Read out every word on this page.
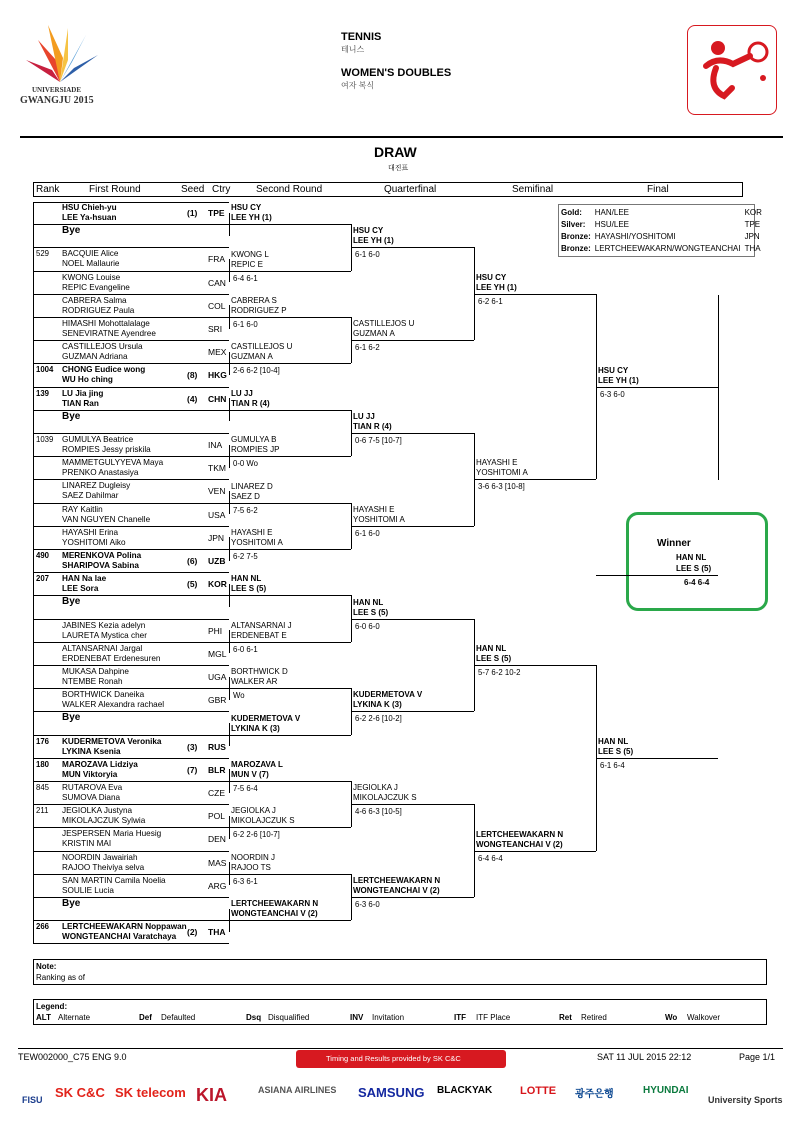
UNIVERSIADE
GWANGJU 2015
TENNIS
테니스
WOMEN'S DOUBLES
여자 복식
DRAW
대진표
Rank	First Round	Seed Ctry	Second Round	Quarterfinal	Semifinal	Final
Gold:	HAN/LEE	KOR
Silver:	HSU/LEE	TPE
Bronze:	HAYASHI/YOSHITOMI	JPN
Bronze:	LERTCHEEWAKARN/WONGTEANCHAI	THA
HSU Chieh-yu
LEE Ya-hsuan	(1) TPE
Bye
529 BACQUIE Alice
NOEL Mallaurie	FRA
KWONG Louise
REPIC Evangeline	CAN
CABRERA Salma
RODRIGUEZ Paula	COL
HIMASHI Mohottalalage
SENEVIRATNE Ayendree	SRI
CASTILLEJOS Ursula
GUZMAN Adriana	MEX
1004 CHONG Eudice wong
WU Ho ching	(8) HKG
139 LU Jia jing
TIAN Ran	(4) CHN
Bye
1039 GUMULYA Beatrice
ROMPIES Jessy priskila	INA
MAMMETGULYYEVA Maya
PRENKO Anastasiya	TKM
LINAREZ Dugleisy
SAEZ Dahilmar	VEN
RAY Kaitlin
VAN NGUYEN Chanelle	USA
HAYASHI Erina
YOSHITOMI Aiko	JPN
490 MERENKOVA Polina
SHARIPOVA Sabina	(6) UZB
207 HAN Na lae
LEE Sora	(5) KOR
Bye
JABINES Kezia adelyn
LAURETA Mystica cher	PHI
ALTANSARNAI Jargal
ERDENEBAT Erdenesuren	MGL
MUKASA Dahpine
NTEMBE Ronah	UGA
BORTHWICK Daneika
WALKER Alexandra rachael	GBR
Bye
176 KUDERMETOVA Veronika
LYKINA Ksenia	(3) RUS
180 MAROZAVA Lidziya
MUN Viktoryia	(7) BLR
845 RUTAROVA Eva
SUMOVA Diana	CZE
211 JEGIOLKA Justyna
MIKOLAJCZUK Sylwia	POL
JESPERSEN Maria Huesig
KRISTIN MAI	DEN
NOORDIN Jawairiah
RAJOO Theiviya selva	MAS
SAN MARTIN Camila Noelia
SOULIE Lucia	ARG
Bye
266 LERTCHEEWAKARN Noppawan
WONGTEANCHAI Varatchaya (2) THA
HSU CY
LEE YH (1)
KWONG L
REPIC E
6-4 6-1
CABRERA S
RODRIGUEZ P
6-1 6-0
CASTILLEJOS U
GUZMAN A
2-6 6-2 [10-4]
LU JJ
TIAN R (4)
GUMULYA B
ROMPIES JP
0-0 Wo
LINAREZ D
SAEZ D
7-5 6-2
HAYASHI E
YOSHITOMI A
6-2 7-5
HAN NL
LEE S (5)
ALTANSARNAI J
ERDENEBAT E
6-0 6-1
BORTHWICK D
WALKER AR
Wo
KUDERMETOVA V
LYKINA K (3)
MAROZAVA L
MUN V (7)
7-5 6-4
JEGIOLKA J
MIKOLAJCZUK S
6-2 2-6 [10-7]
NOORDIN J
RAJOO TS
6-3 6-1
LERTCHEEWAKARN N
WONGTEANCHAI V (2)
HSU CY
LEE YH (1)
6-1 6-0
CASTILLEJOS U
GUZMAN A
6-1 6-2
LU JJ
TIAN R (4)
0-6 7-5 [10-7]
HAYASHI E
YOSHITOMI A
6-1 6-0
HAN NL
LEE S (5)
6-0 6-0
KUDERMETOVA V
LYKINA K (3)
6-2 2-6 [10-2]
JEGIOLKA J
MIKOLAJCZUK S
4-6 6-3 [10-5]
LERTCHEEWAKARN N
WONGTEANCHAI V (2)
6-3 6-0
HSU CY
LEE YH (1)
6-2 6-1
HAYASHI E
YOSHITOMI A
3-6 6-3 [10-8]
HAN NL
LEE S (5)
5-7 6-2 10-2
LERTCHEEWAKARN N
WONGTEANCHAI V (2)
6-4 6-4
HSU CY
LEE YH (1)
6-3 6-0
HAN NL
LEE S (5)
6-1 6-4
Winner
HAN NL
LEE S (5)
6-4 6-4
Note:
Ranking as of
Legend:
ALT Alternate	Def Defaulted	Dsq Disqualified	INV Invitation	ITF ITF Place	Ret Retired	Wo Walkover
TEW002000_C75 ENG 9.0	Timing and Results provided by SK C&C	SAT 11 JUL 2015 22:12	Page 1/1
FISU SK C&C SK telecom KIA	ASIANA AIRLINES SAMSUNG BLACKYAK	LOTTE 광주은행	HYUNDAI
University Sports
